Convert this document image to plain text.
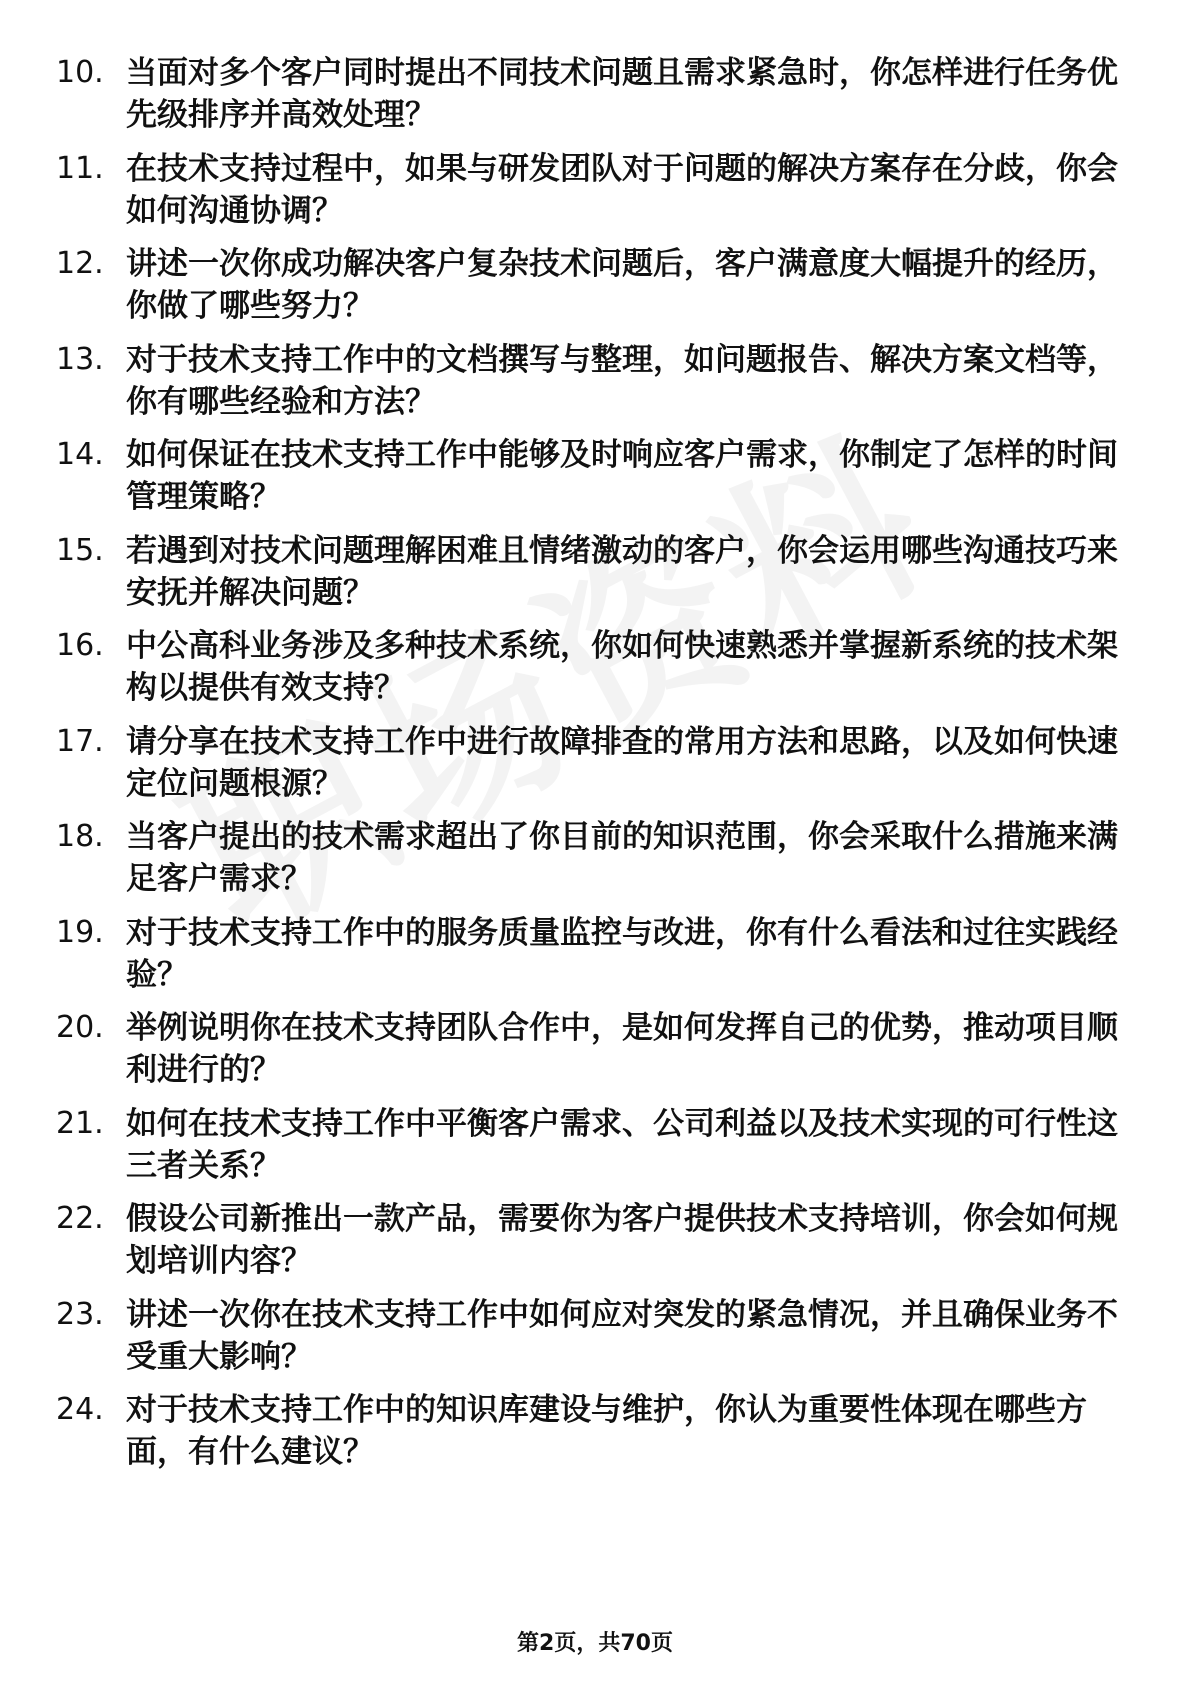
10. 当面对多个客户同时提出不同技术问题且需求紧急时，你怎样进行任务优先级排序并高效处理？
11. 在技术支持过程中，如果与研发团队对于问题的解决方案存在分歧，你会如何沟通协调？
12. 讲述一次你成功解决客户复杂技术问题后，客户满意度大幅提升的经历，你做了哪些努力？
13. 对于技术支持工作中的文档撰写与整理，如问题报告、解决方案文档等，你有哪些经验和方法？
14. 如何保证在技术支持工作中能够及时响应客户需求，你制定了怎样的时间管理策略？
15. 若遇到对技术问题理解困难且情绪激动的客户，你会运用哪些沟通技巧来安抚并解决问题？
16. 中公高科业务涉及多种技术系统，你如何快速熟悉并掌握新系统的技术架构以提供有效支持？
17. 请分享在技术支持工作中进行故障排查的常用方法和思路，以及如何快速定位问题根源？
18. 当客户提出的技术需求超出了你目前的知识范围，你会采取什么措施来满足客户需求？
19. 对于技术支持工作中的服务质量监控与改进，你有什么看法和过往实践经验？
20. 举例说明你在技术支持团队合作中，是如何发挥自己的优势，推动项目顺利进行的？
21. 如何在技术支持工作中平衡客户需求、公司利益以及技术实现的可行性这三者关系？
22. 假设公司新推出一款产品，需要你为客户提供技术支持培训，你会如何规划培训内容？
23. 讲述一次你在技术支持工作中如何应对突发的紧急情况，并且确保业务不受重大影响？
24. 对于技术支持工作中的知识库建设与维护，你认为重要性体现在哪些方面，有什么建议？
第2页，共70页
